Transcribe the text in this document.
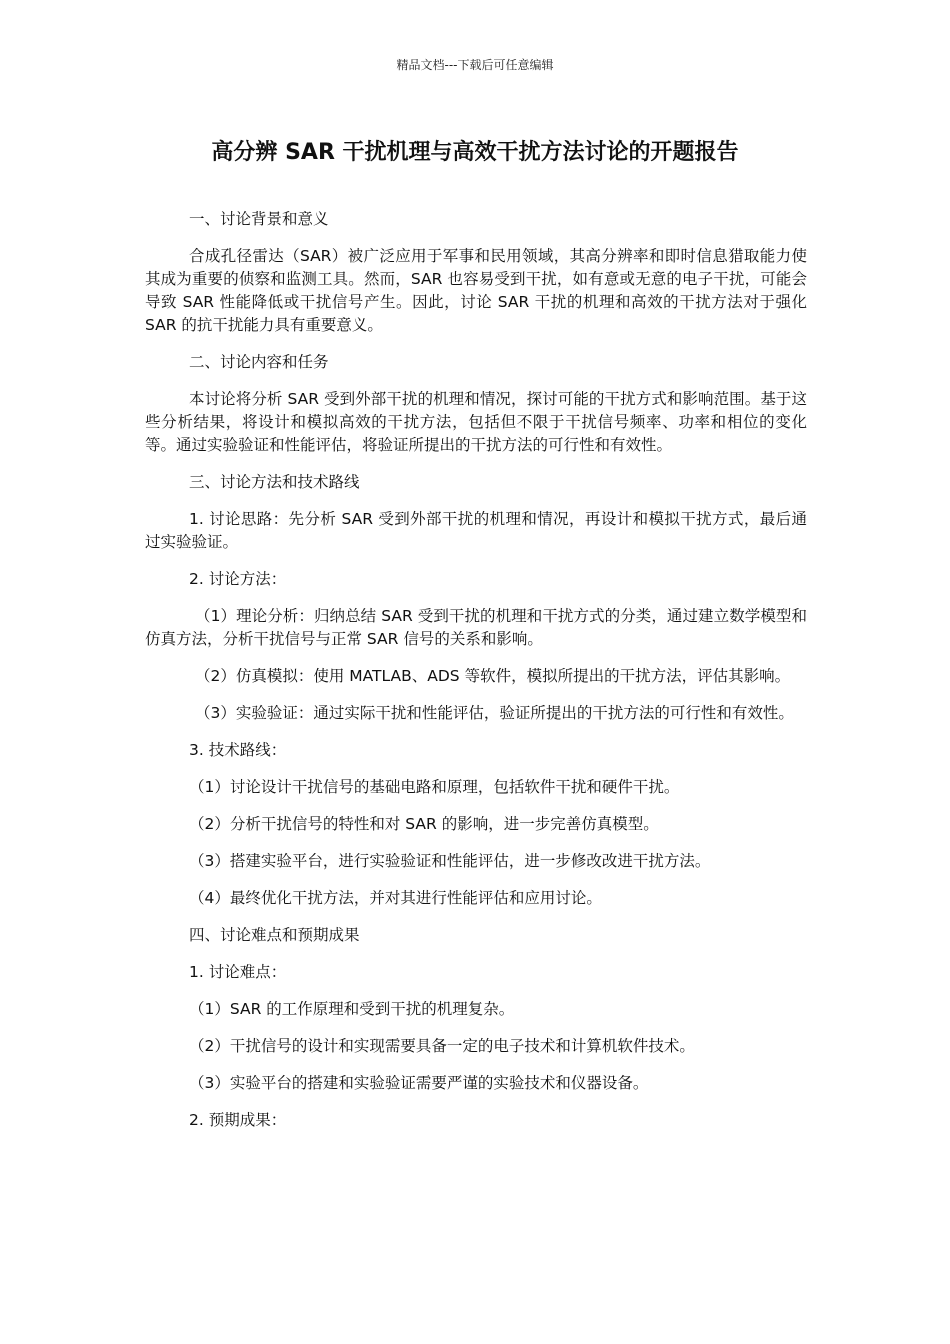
精品文档---下载后可任意编辑
高分辨 SAR 干扰机理与高效干扰方法讨论的开题报告

一、讨论背景和意义

合成孔径雷达（SAR）被广泛应用于军事和民用领域，其高分辨率和即时信息猎取能力使其成为重要的侦察和监测工具。然而，SAR 也容易受到干扰，如有意或无意的电子干扰，可能会导致 SAR 性能降低或干扰信号产生。因此，讨论 SAR 干扰的机理和高效的干扰方法对于强化 SAR 的抗干扰能力具有重要意义。

二、讨论内容和任务

本讨论将分析 SAR 受到外部干扰的机理和情况，探讨可能的干扰方式和影响范围。基于这些分析结果，将设计和模拟高效的干扰方法，包括但不限于干扰信号频率、功率和相位的变化等。通过实验验证和性能评估，将验证所提出的干扰方法的可行性和有效性。

三、讨论方法和技术路线

1. 讨论思路：先分析 SAR 受到外部干扰的机理和情况，再设计和模拟干扰方式，最后通过实验验证。

2. 讨论方法：

（1）理论分析：归纳总结 SAR 受到干扰的机理和干扰方式的分类，通过建立数学模型和仿真方法，分析干扰信号与正常 SAR 信号的关系和影响。

（2）仿真模拟：使用 MATLAB、ADS 等软件，模拟所提出的干扰方法，评估其影响。

（3）实验验证：通过实际干扰和性能评估，验证所提出的干扰方法的可行性和有效性。

3. 技术路线：

（1）讨论设计干扰信号的基础电路和原理，包括软件干扰和硬件干扰。

（2）分析干扰信号的特性和对 SAR 的影响，进一步完善仿真模型。

（3）搭建实验平台，进行实验验证和性能评估，进一步修改改进干扰方法。

（4）最终优化干扰方法，并对其进行性能评估和应用讨论。

四、讨论难点和预期成果

1. 讨论难点：

（1）SAR 的工作原理和受到干扰的机理复杂。

（2）干扰信号的设计和实现需要具备一定的电子技术和计算机软件技术。

（3）实验平台的搭建和实验验证需要严谨的实验技术和仪器设备。

2. 预期成果：
